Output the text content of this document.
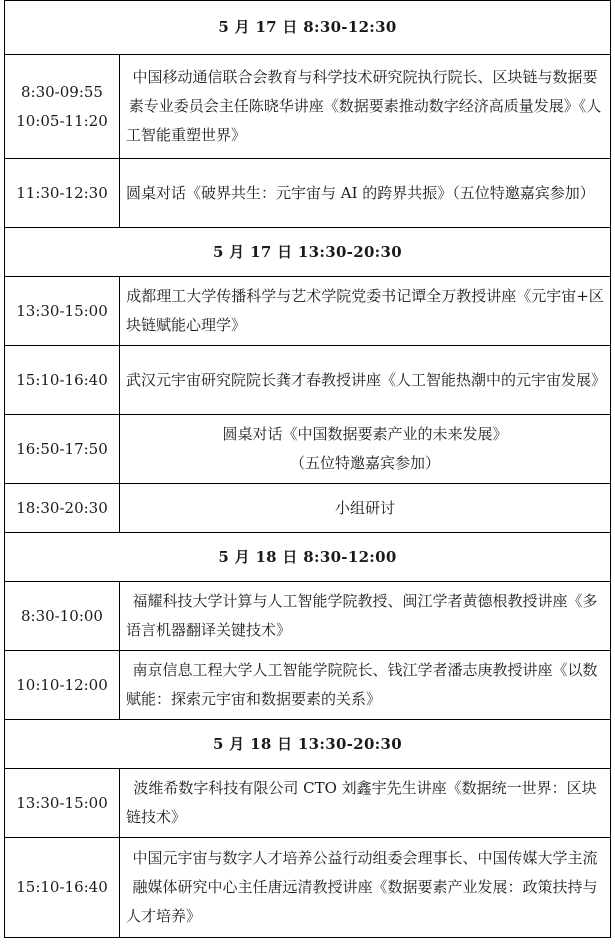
5 月 17 日 8:30-12:30	

8:30-09:55
10:05-11:20	中国移动通信联合会教育与科学技术研究院执行院长、区块链与数据要素专业委员会主任陈晓华讲座《数据要素推动数字经济高质量发展》《人工智能重塑世界》

11:30-12:30	圆桌对话《破界共生：元宇宙与 AI 的跨界共振》（五位特邀嘉宾参加）
5 月 17 日 13:30-20:30	

13:30-15:00	成都理工大学传播科学与艺术学院党委书记谭全万教授讲座《元宇宙+区块链赋能心理学》

15:10-16:40	武汉元宇宙研究院院长龚才春教授讲座《人工智能热潮中的元宇宙发展》

16:50-17:50	圆桌对话《中国数据要素产业的未来发展》
（五位特邀嘉宾参加）

18:30-20:30	小组研讨
5 月 18 日 8:30-12:00	

8:30-10:00	福耀科技大学计算与人工智能学院教授、闽江学者黄德根教授讲座《多语言机器翻译关键技术》

10:10-12:00	南京信息工程大学人工智能学院院长、钱江学者潘志庚教授讲座《以数赋能：探索元宇宙和数据要素的关系》
5 月 18 日 13:30-20:30	

13:30-15:00	波维希数字科技有限公司 CTO 刘鑫宇先生讲座《数据统一世界：区块链技术》

15:10-16:40	中国元宇宙与数字人才培养公益行动组委会理事长、中国传媒大学主流融媒体研究中心主任唐远清教授讲座《数据要素产业发展：政策扶持与人才培养》
